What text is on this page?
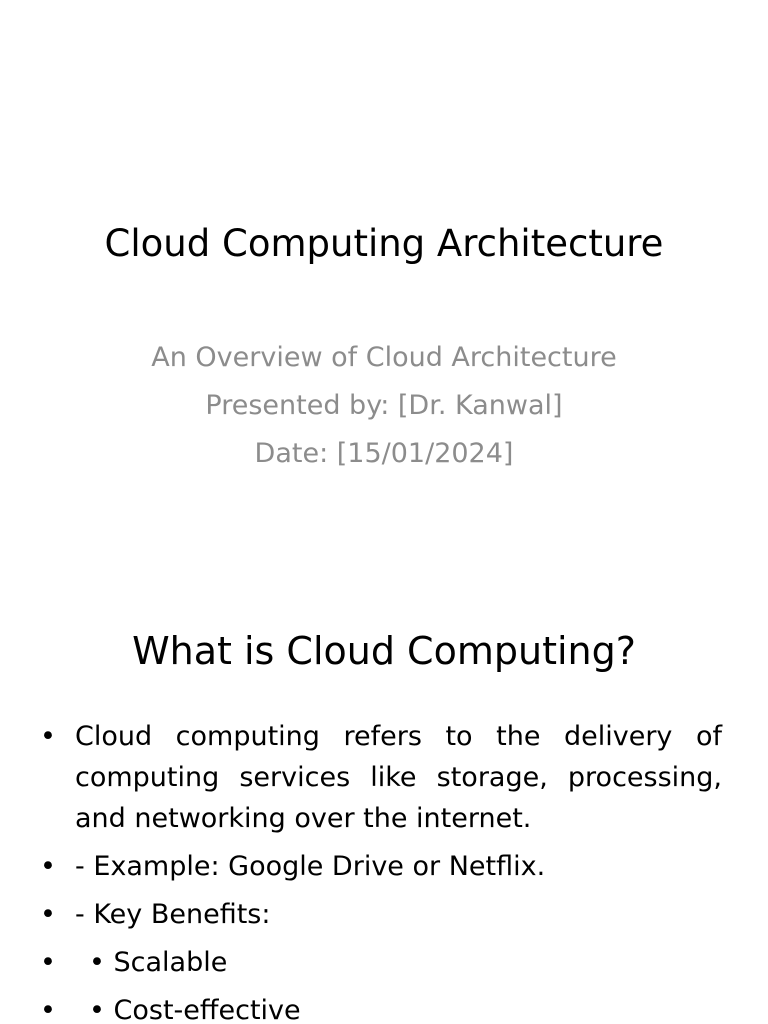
Cloud Computing Architecture
An Overview of Cloud Architecture
Presented by: [Dr. Kanwal]
Date: [15/01/2024]
What is Cloud Computing?
• Cloud computing refers to the delivery of computing services like storage, processing, and networking over the internet.
• - Example: Google Drive or Netflix.
• - Key Benefits:
• • Scalable
• • Cost-effective
